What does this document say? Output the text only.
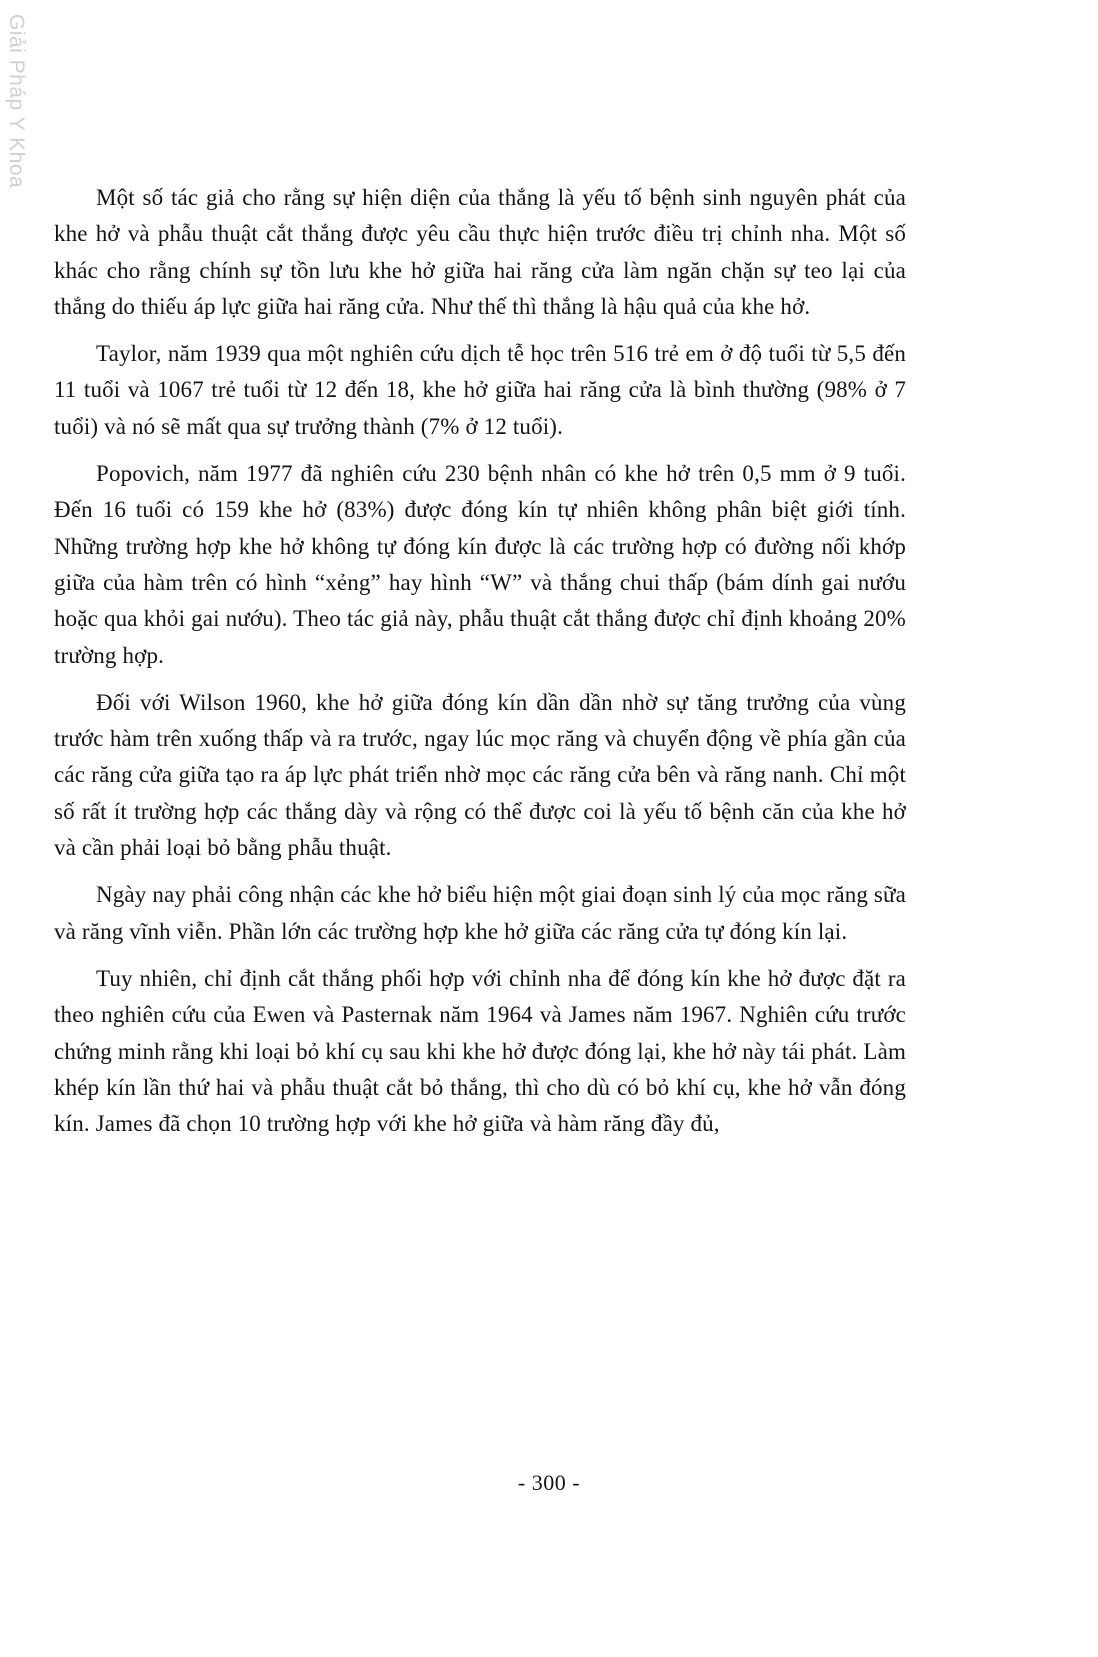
Giải Pháp Y Khoa

Một số tác giả cho rằng sự hiện diện của thắng là yếu tố bệnh sinh nguyên phát của khe hở và phẫu thuật cắt thắng được yêu cầu thực hiện trước điều trị chỉnh nha. Một số khác cho rằng chính sự tồn lưu khe hở giữa hai răng cửa làm ngăn chặn sự teo lại của thắng do thiếu áp lực giữa hai răng cửa. Như thế thì thắng là hậu quả của khe hở.

Taylor, năm 1939 qua một nghiên cứu dịch tễ học trên 516 trẻ em ở độ tuổi từ 5,5 đến 11 tuổi và 1067 trẻ tuổi từ 12 đến 18, khe hở giữa hai răng cửa là bình thường (98% ở 7 tuổi) và nó sẽ mất qua sự trưởng thành (7% ở 12 tuổi).

Popovich, năm 1977 đã nghiên cứu 230 bệnh nhân có khe hở trên 0,5 mm ở 9 tuổi. Đến 16 tuổi có 159 khe hở (83%) được đóng kín tự nhiên không phân biệt giới tính. Những trường hợp khe hở không tự đóng kín được là các trường hợp có đường nối khớp giữa của hàm trên có hình “xẻng” hay hình “W” và thắng chui thấp (bám dính gai nướu hoặc qua khỏi gai nướu). Theo tác giả này, phẫu thuật cắt thắng được chỉ định khoảng 20% trường hợp.

Đối với Wilson 1960, khe hở giữa đóng kín dần dần nhờ sự tăng trưởng của vùng trước hàm trên xuống thấp và ra trước, ngay lúc mọc răng và chuyển động về phía gần của các răng cửa giữa tạo ra áp lực phát triển nhờ mọc các răng cửa bên và răng nanh. Chỉ một số rất ít trường hợp các thắng dày và rộng có thể được coi là yếu tố bệnh căn của khe hở và cần phải loại bỏ bằng phẫu thuật.

Ngày nay phải công nhận các khe hở biểu hiện một giai đoạn sinh lý của mọc răng sữa và răng vĩnh viễn. Phần lớn các trường hợp khe hở giữa các răng cửa tự đóng kín lại.

Tuy nhiên, chỉ định cắt thắng phối hợp với chỉnh nha để đóng kín khe hở được đặt ra theo nghiên cứu của Ewen và Pasternak năm 1964 và James năm 1967. Nghiên cứu trước chứng minh rằng khi loại bỏ khí cụ sau khi khe hở được đóng lại, khe hở này tái phát. Làm khép kín lần thứ hai và phẫu thuật cắt bỏ thắng, thì cho dù có bỏ khí cụ, khe hở vẫn đóng kín. James đã chọn 10 trường hợp với khe hở giữa và hàm răng đầy đủ,

- 300 -
